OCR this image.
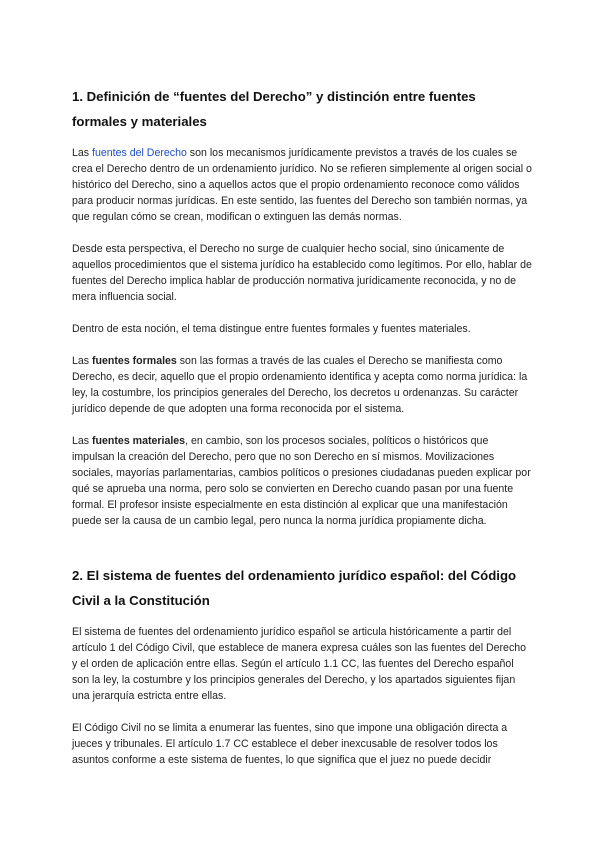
1. Definición de “fuentes del Derecho” y distinción entre fuentes formales y materiales

Las fuentes del Derecho son los mecanismos jurídicamente previstos a través de los cuales se crea el Derecho dentro de un ordenamiento jurídico. No se refieren simplemente al origen social o histórico del Derecho, sino a aquellos actos que el propio ordenamiento reconoce como válidos para producir normas jurídicas. En este sentido, las fuentes del Derecho son también normas, ya que regulan cómo se crean, modifican o extinguen las demás normas.

Desde esta perspectiva, el Derecho no surge de cualquier hecho social, sino únicamente de aquellos procedimientos que el sistema jurídico ha establecido como legítimos. Por ello, hablar de fuentes del Derecho implica hablar de producción normativa jurídicamente reconocida, y no de mera influencia social.

Dentro de esta noción, el tema distingue entre fuentes formales y fuentes materiales.

Las fuentes formales son las formas a través de las cuales el Derecho se manifiesta como Derecho, es decir, aquello que el propio ordenamiento identifica y acepta como norma jurídica: la ley, la costumbre, los principios generales del Derecho, los decretos u ordenanzas. Su carácter jurídico depende de que adopten una forma reconocida por el sistema.

Las fuentes materiales, en cambio, son los procesos sociales, políticos o históricos que impulsan la creación del Derecho, pero que no son Derecho en sí mismos. Movilizaciones sociales, mayorías parlamentarias, cambios políticos o presiones ciudadanas pueden explicar por qué se aprueba una norma, pero solo se convierten en Derecho cuando pasan por una fuente formal. El profesor insiste especialmente en esta distinción al explicar que una manifestación puede ser la causa de un cambio legal, pero nunca la norma jurídica propiamente dicha.

2. El sistema de fuentes del ordenamiento jurídico español: del Código Civil a la Constitución

El sistema de fuentes del ordenamiento jurídico español se articula históricamente a partir del artículo 1 del Código Civil, que establece de manera expresa cuáles son las fuentes del Derecho y el orden de aplicación entre ellas. Según el artículo 1.1 CC, las fuentes del Derecho español son la ley, la costumbre y los principios generales del Derecho, y los apartados siguientes fijan una jerarquía estricta entre ellas.

El Código Civil no se limita a enumerar las fuentes, sino que impone una obligación directa a jueces y tribunales. El artículo 1.7 CC establece el deber inexcusable de resolver todos los asuntos conforme a este sistema de fuentes, lo que significa que el juez no puede decidir
